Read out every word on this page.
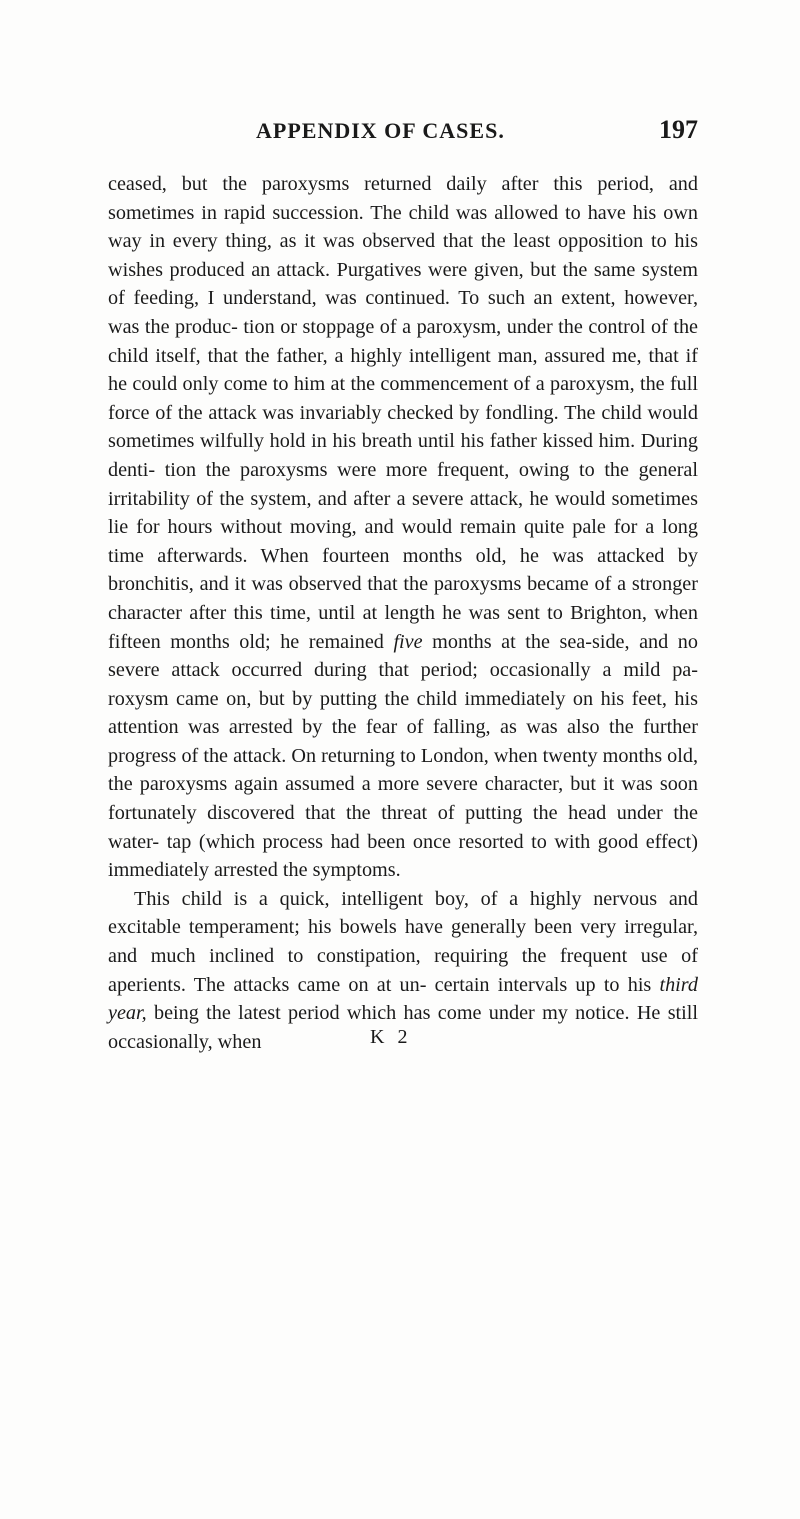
APPENDIX OF CASES.	197

ceased, but the paroxysms returned daily after this period, and sometimes in rapid succession. The child was allowed to have his own way in every thing, as it was observed that the least opposition to his wishes produced an attack. Purgatives were given, but the same system of feeding, I understand, was continued. To such an extent, however, was the produc- tion or stoppage of a paroxysm, under the control of the child itself, that the father, a highly intelligent man, assured me, that if he could only come to him at the commencement of a paroxysm, the full force of the attack was invariably checked by fondling. The child would sometimes wilfully hold in his breath until his father kissed him. During denti- tion the paroxysms were more frequent, owing to the general irritability of the system, and after a severe attack, he would sometimes lie for hours without moving, and would remain quite pale for a long time afterwards. When fourteen months old, he was attacked by bronchitis, and it was observed that the paroxysms became of a stronger character after this time, until at length he was sent to Brighton, when fifteen months old; he remained five months at the sea-side, and no severe attack occurred during that period; occasionally a mild pa- roxysm came on, but by putting the child immediately on his feet, his attention was arrested by the fear of falling, as was also the further progress of the attack. On returning to London, when twenty months old, the paroxysms again assumed a more severe character, but it was soon fortunately discovered that the threat of putting the head under the water- tap (which process had been once resorted to with good effect) immediately arrested the symptoms.

This child is a quick, intelligent boy, of a highly nervous and excitable temperament; his bowels have generally been very irregular, and much inclined to constipation, requiring the frequent use of aperients. The attacks came on at un- certain intervals up to his third year, being the latest period which has come under my notice. He still occasionally, when	K 2
